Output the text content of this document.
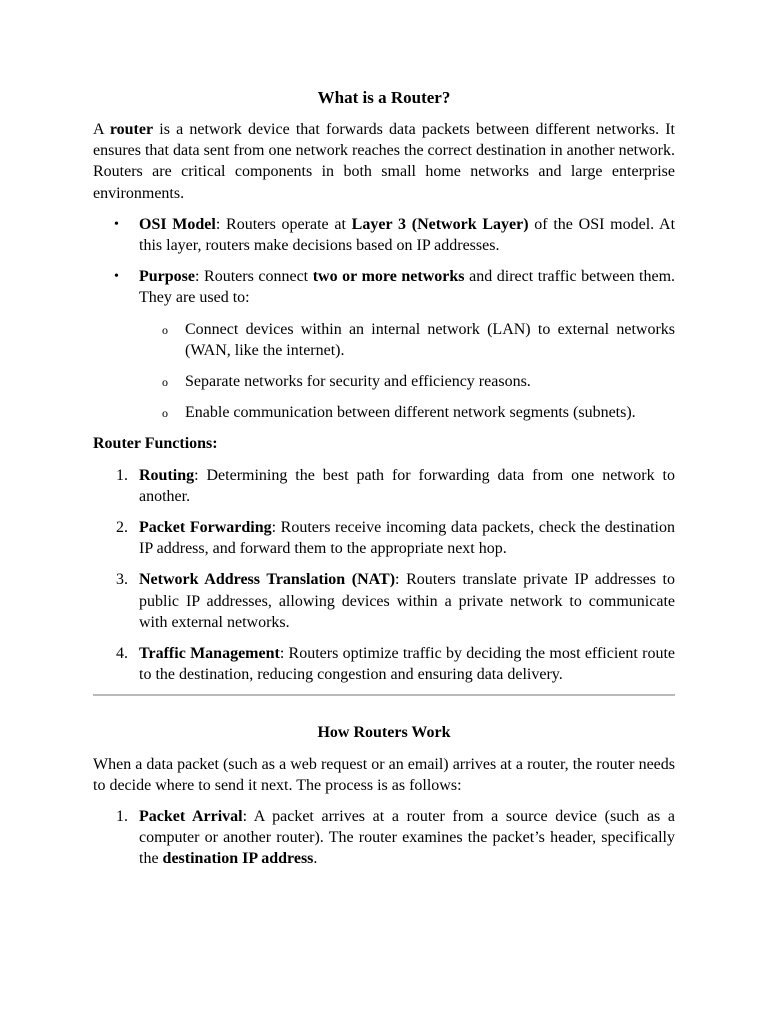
What is a Router?

A router is a network device that forwards data packets between different networks. It ensures that data sent from one network reaches the correct destination in another network. Routers are critical components in both small home networks and large enterprise environments.

• OSI Model: Routers operate at Layer 3 (Network Layer) of the OSI model. At this layer, routers make decisions based on IP addresses.
• Purpose: Routers connect two or more networks and direct traffic between them. They are used to:
o Connect devices within an internal network (LAN) to external networks (WAN, like the internet).
o Separate networks for security and efficiency reasons.
o Enable communication between different network segments (subnets).
Router Functions:
1. Routing: Determining the best path for forwarding data from one network to another.
2. Packet Forwarding: Routers receive incoming data packets, check the destination IP address, and forward them to the appropriate next hop.
3. Network Address Translation (NAT): Routers translate private IP addresses to public IP addresses, allowing devices within a private network to communicate with external networks.
4. Traffic Management: Routers optimize traffic by deciding the most efficient route to the destination, reducing congestion and ensuring data delivery.
How Routers Work

When a data packet (such as a web request or an email) arrives at a router, the router needs to decide where to send it next. The process is as follows:

1. Packet Arrival: A packet arrives at a router from a source device (such as a computer or another router). The router examines the packet’s header, specifically the destination IP address.
